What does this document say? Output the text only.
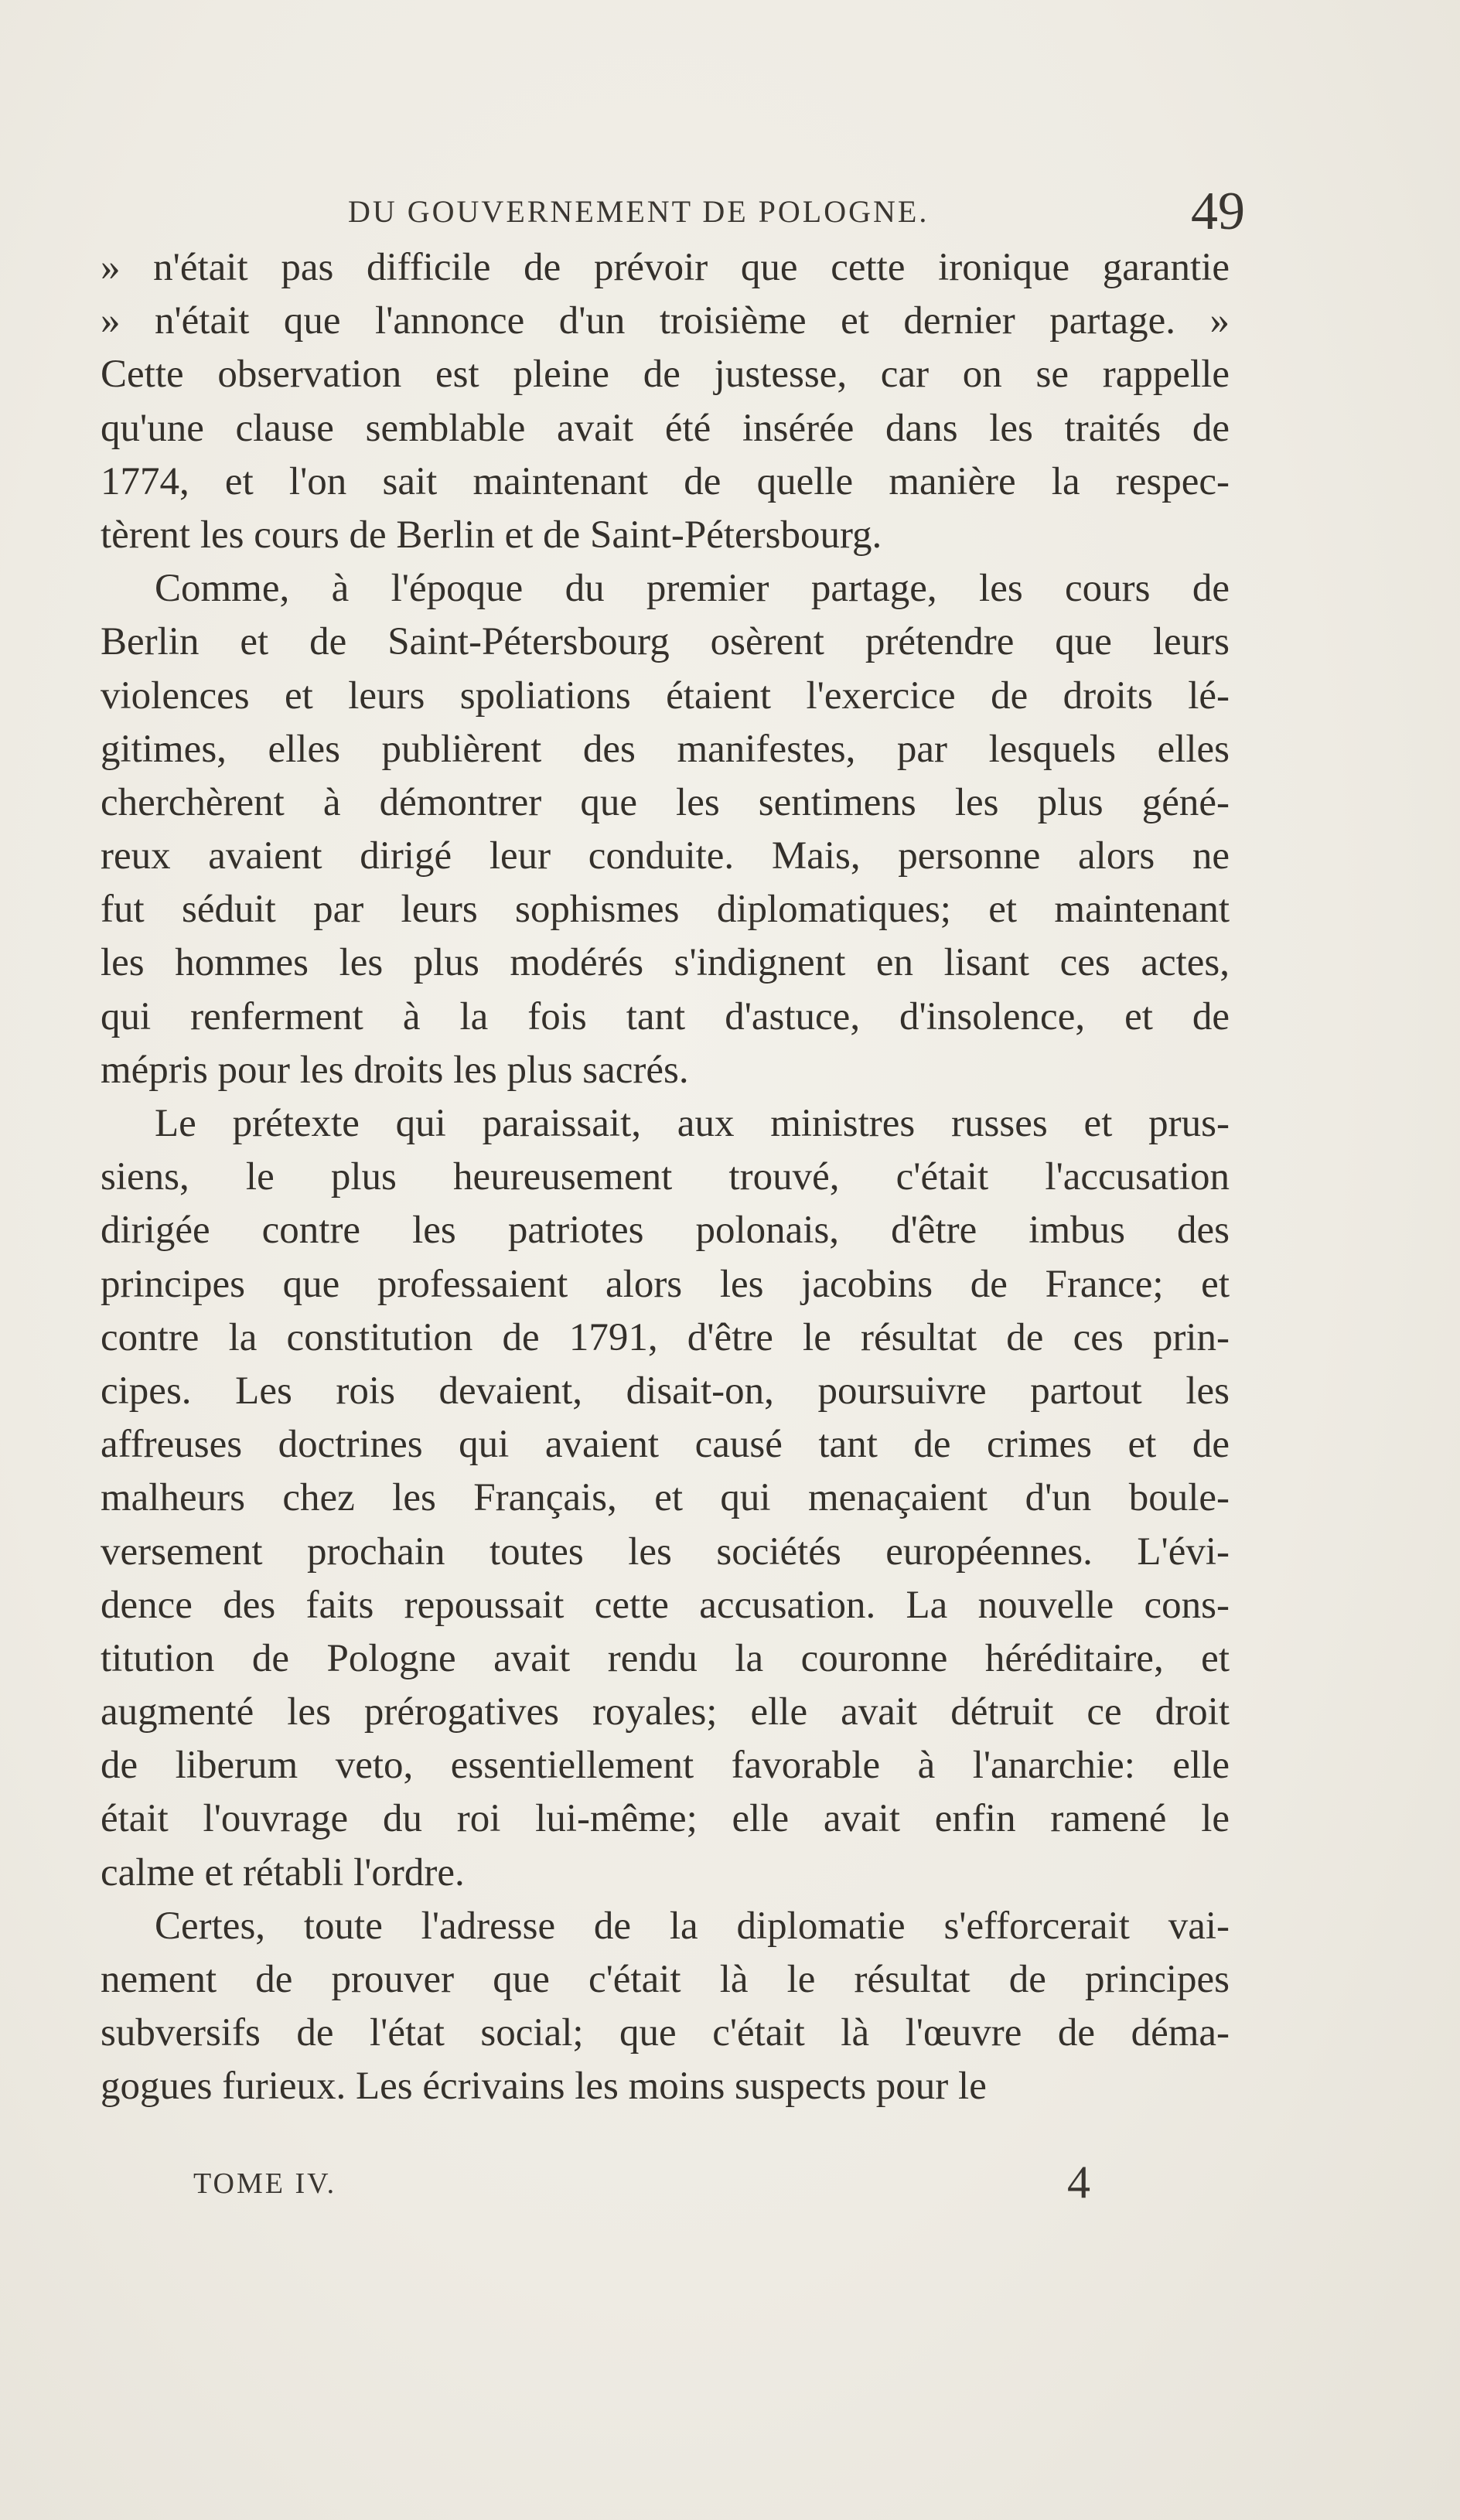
DU GOUVERNEMENT DE POLOGNE.	49
» n'était pas difficile de prévoir que cette ironique garantie
» n'était que l'annonce d'un troisième et dernier partage. »
Cette observation est pleine de justesse, car on se rappelle
qu'une clause semblable avait été insérée dans les traités de
1774, et l'on sait maintenant de quelle manière la respec-
tèrent les cours de Berlin et de Saint-Pétersbourg.
Comme, à l'époque du premier partage, les cours de
Berlin et de Saint-Pétersbourg osèrent prétendre que leurs
violences et leurs spoliations étaient l'exercice de droits lé-
gitimes, elles publièrent des manifestes, par lesquels elles
cherchèrent à démontrer que les sentimens les plus géné-
reux avaient dirigé leur conduite. Mais, personne alors ne
fut séduit par leurs sophismes diplomatiques; et maintenant
les hommes les plus modérés s'indignent en lisant ces actes,
qui renferment à la fois tant d'astuce, d'insolence, et de
mépris pour les droits les plus sacrés.
Le prétexte qui paraissait, aux ministres russes et prus-
siens, le plus heureusement trouvé, c'était l'accusation
dirigée contre les patriotes polonais, d'être imbus des
principes que professaient alors les jacobins de France; et
contre la constitution de 1791, d'être le résultat de ces prin-
cipes. Les rois devaient, disait-on, poursuivre partout les
affreuses doctrines qui avaient causé tant de crimes et de
malheurs chez les Français, et qui menaçaient d'un boule-
versement prochain toutes les sociétés européennes. L'évi-
dence des faits repoussait cette accusation. La nouvelle cons-
titution de Pologne avait rendu la couronne héréditaire, et
augmenté les prérogatives royales; elle avait détruit ce droit
de liberum veto, essentiellement favorable à l'anarchie: elle
était l'ouvrage du roi lui-même; elle avait enfin ramené le
calme et rétabli l'ordre.
Certes, toute l'adresse de la diplomatie s'efforcerait vai-
nement de prouver que c'était là le résultat de principes
subversifs de l'état social; que c'était là l'œuvre de déma-
gogues furieux. Les écrivains les moins suspects pour le
TOME IV.	4
